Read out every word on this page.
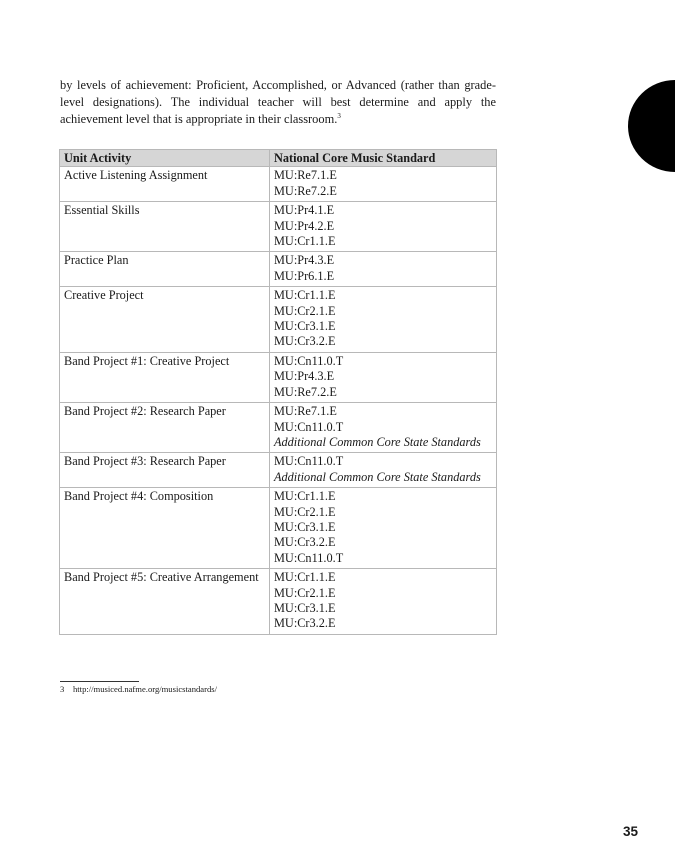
by levels of achievement: Proficient, Accomplished, or Advanced (rather than grade-level designations). The individual teacher will best determine and apply the achievement level that is appropriate in their classroom.$^3$

Unit Activity	National Core Music Standard
Active Listening Assignment	MU:Re7.1.E
MU:Re7.2.E

Essential Skills	MU:Pr4.1.E
MU:Pr4.2.E
MU:Cr1.1.E

Practice Plan	MU:Pr4.3.E
MU:Pr6.1.E

Creative Project	MU:Cr1.1.E
MU:Cr2.1.E
MU:Cr3.1.E
MU:Cr3.2.E

Band Project #1: Creative Project	MU:Cn11.0.T
MU:Pr4.3.E
MU:Re7.2.E

Band Project #2: Research Paper	MU:Re7.1.E
MU:Cn11.0.T
Additional Common Core State Standards

Band Project #3: Research Paper	MU:Cn11.0.T
Additional Common Core State Standards

Band Project #4: Composition	MU:Cr1.1.E
MU:Cr2.1.E
MU:Cr3.1.E
MU:Cr3.2.E
MU:Cn11.0.T

Band Project #5: Creative Arrangement	MU:Cr1.1.E
MU:Cr2.1.E
MU:Cr3.1.E
MU:Cr3.2.E

3 http://musiced.nafme.org/musicstandards/

35
